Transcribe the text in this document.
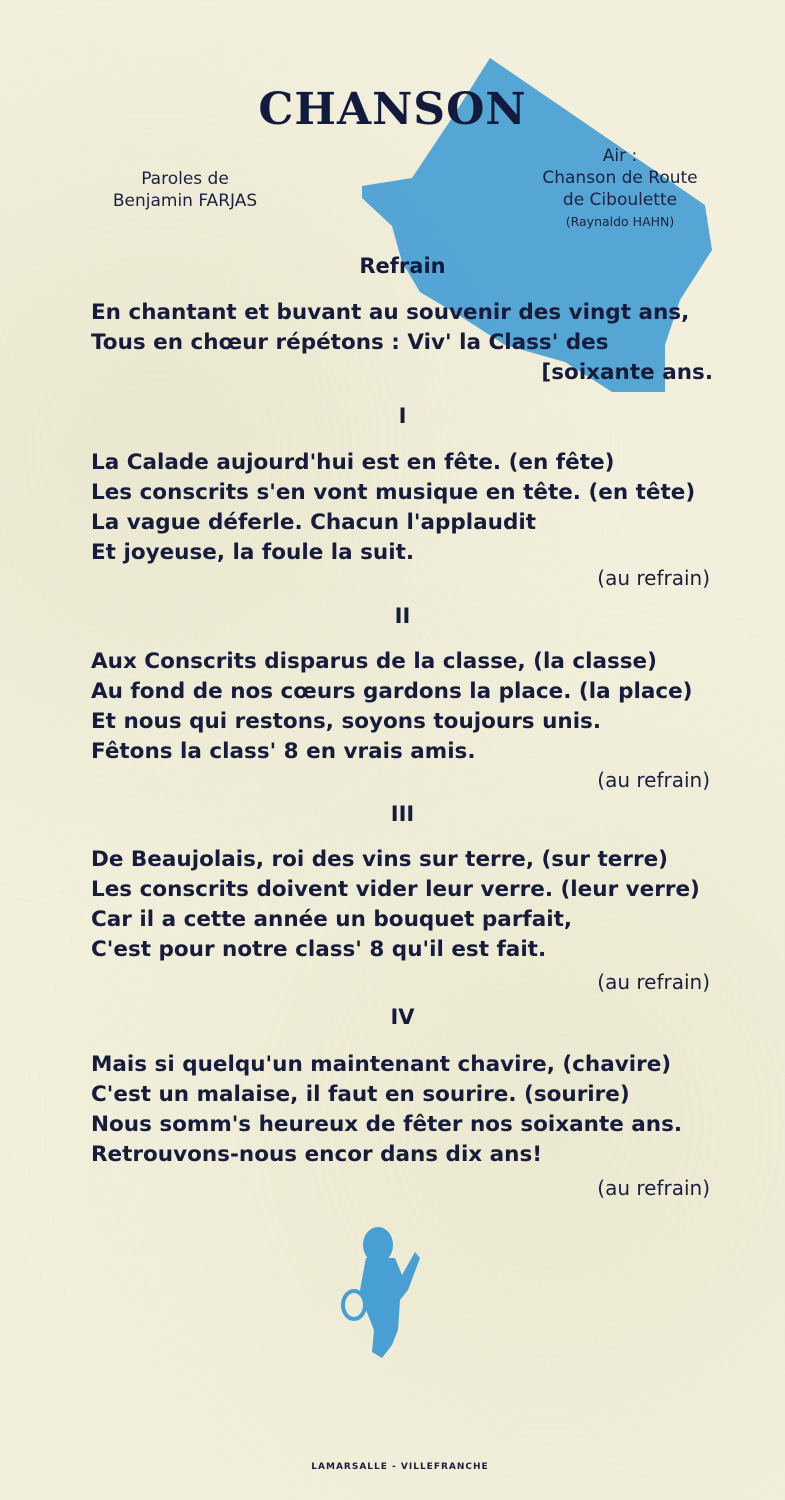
CHANSON
Paroles de
Benjamin FARJAS
Air :
Chanson de Route
de Ciboulette
(Raynaldo HAHN)
Refrain
En chantant et buvant au souvenir des vingt ans,
Tous en chœur répétons : Viv' la Class' des
[soixante ans.
I
La Calade aujourd'hui est en fête. (en fête)
Les conscrits s'en vont musique en tête. (en tête)
La vague déferle. Chacun l'applaudit
Et joyeuse, la foule la suit.
(au refrain)
II
Aux Conscrits disparus de la classe, (la classe)
Au fond de nos cœurs gardons la place. (la place)
Et nous qui restons, soyons toujours unis.
Fêtons la class' 8 en vrais amis.
(au refrain)
III
De Beaujolais, roi des vins sur terre, (sur terre)
Les conscrits doivent vider leur verre. (leur verre)
Car il a cette année un bouquet parfait,
C'est pour notre class' 8 qu'il est fait.
(au refrain)
IV
Mais si quelqu'un maintenant chavire, (chavire)
C'est un malaise, il faut en sourire. (sourire)
Nous somm's heureux de fêter nos soixante ans.
Retrouvons-nous encor dans dix ans!
(au refrain)
LAMARSALLE - VILLEFRANCHE
